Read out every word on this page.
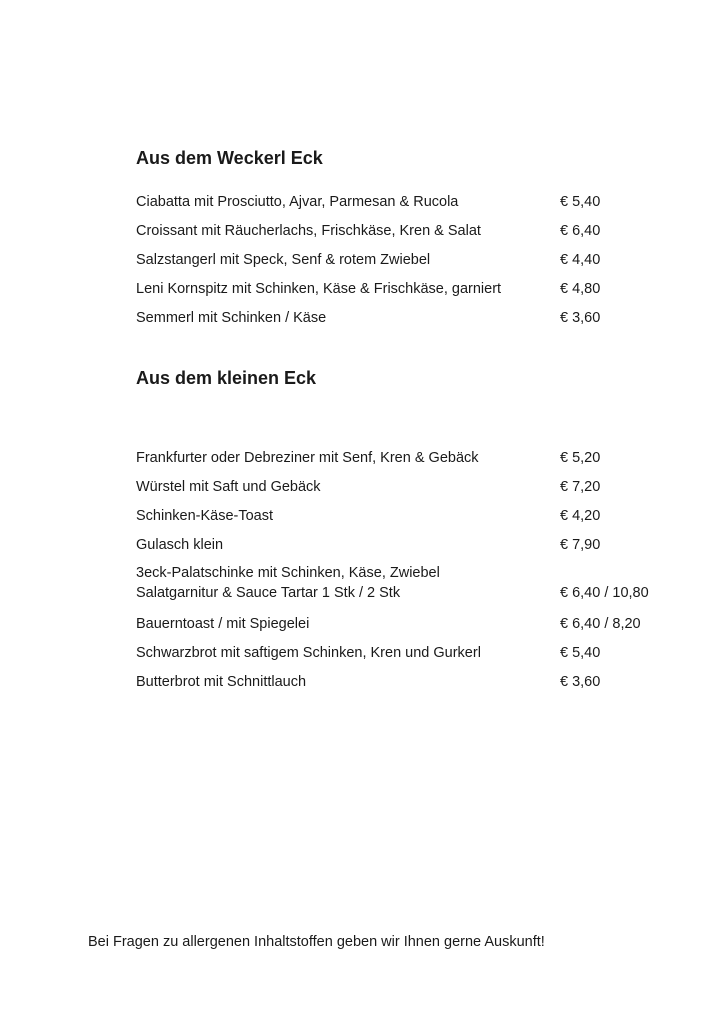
Aus dem Weckerl Eck
Ciabatta mit Prosciutto, Ajvar, Parmesan & Rucola	€ 5,40
Croissant mit Räucherlachs, Frischkäse, Kren & Salat	€ 6,40
Salzstangerl mit Speck, Senf & rotem Zwiebel	€ 4,40
Leni Kornspitz mit Schinken, Käse & Frischkäse, garniert	€ 4,80
Semmerl mit Schinken / Käse	€ 3,60
Aus dem kleinen Eck
Frankfurter oder Debreziner mit Senf, Kren & Gebäck	€ 5,20
Würstel mit Saft und Gebäck	€ 7,20
Schinken-Käse-Toast	€ 4,20
Gulasch klein	€ 7,90
3eck-Palatschinke mit Schinken, Käse, Zwiebel
Salatgarnitur & Sauce Tartar 1 Stk / 2 Stk	€ 6,40 / 10,80
Bauerntoast / mit Spiegelei	€ 6,40 / 8,20
Schwarzbrot mit saftigem Schinken, Kren und Gurkerl	€ 5,40
Butterbrot mit Schnittlauch	€ 3,60
Bei Fragen zu allergenen Inhaltstoffen geben wir Ihnen gerne Auskunft!
